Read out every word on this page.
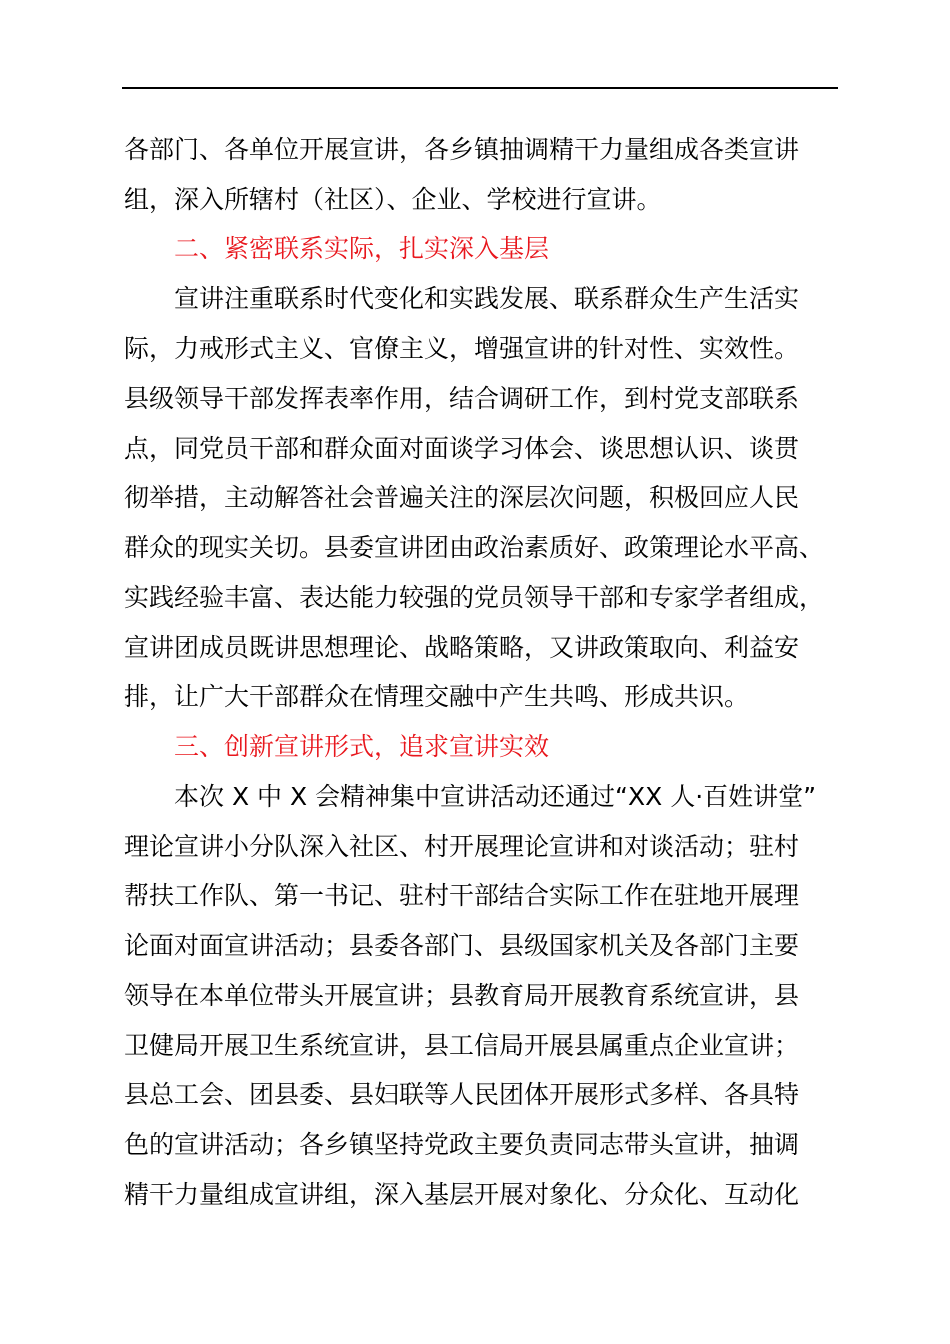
各部门、各单位开展宣讲，各乡镇抽调精干力量组成各类宣讲
组，深入所辖村（社区）、企业、学校进行宣讲。
二、紧密联系实际，扎实深入基层
宣讲注重联系时代变化和实践发展、联系群众生产生活实
际，力戒形式主义、官僚主义，增强宣讲的针对性、实效性。
县级领导干部发挥表率作用，结合调研工作，到村党支部联系
点，同党员干部和群众面对面谈学习体会、谈思想认识、谈贯
彻举措，主动解答社会普遍关注的深层次问题，积极回应人民
群众的现实关切。县委宣讲团由政治素质好、政策理论水平高、
实践经验丰富、表达能力较强的党员领导干部和专家学者组成，
宣讲团成员既讲思想理论、战略策略，又讲政策取向、利益安
排，让广大干部群众在情理交融中产生共鸣、形成共识。
三、创新宣讲形式，追求宣讲实效
本次 X 中 X 会精神集中宣讲活动还通过“XX 人·百姓讲堂”
理论宣讲小分队深入社区、村开展理论宣讲和对谈活动；驻村
帮扶工作队、第一书记、驻村干部结合实际工作在驻地开展理
论面对面宣讲活动；县委各部门、县级国家机关及各部门主要
领导在本单位带头开展宣讲；县教育局开展教育系统宣讲，县
卫健局开展卫生系统宣讲，县工信局开展县属重点企业宣讲；
县总工会、团县委、县妇联等人民团体开展形式多样、各具特
色的宣讲活动；各乡镇坚持党政主要负责同志带头宣讲，抽调
精干力量组成宣讲组，深入基层开展对象化、分众化、互动化
